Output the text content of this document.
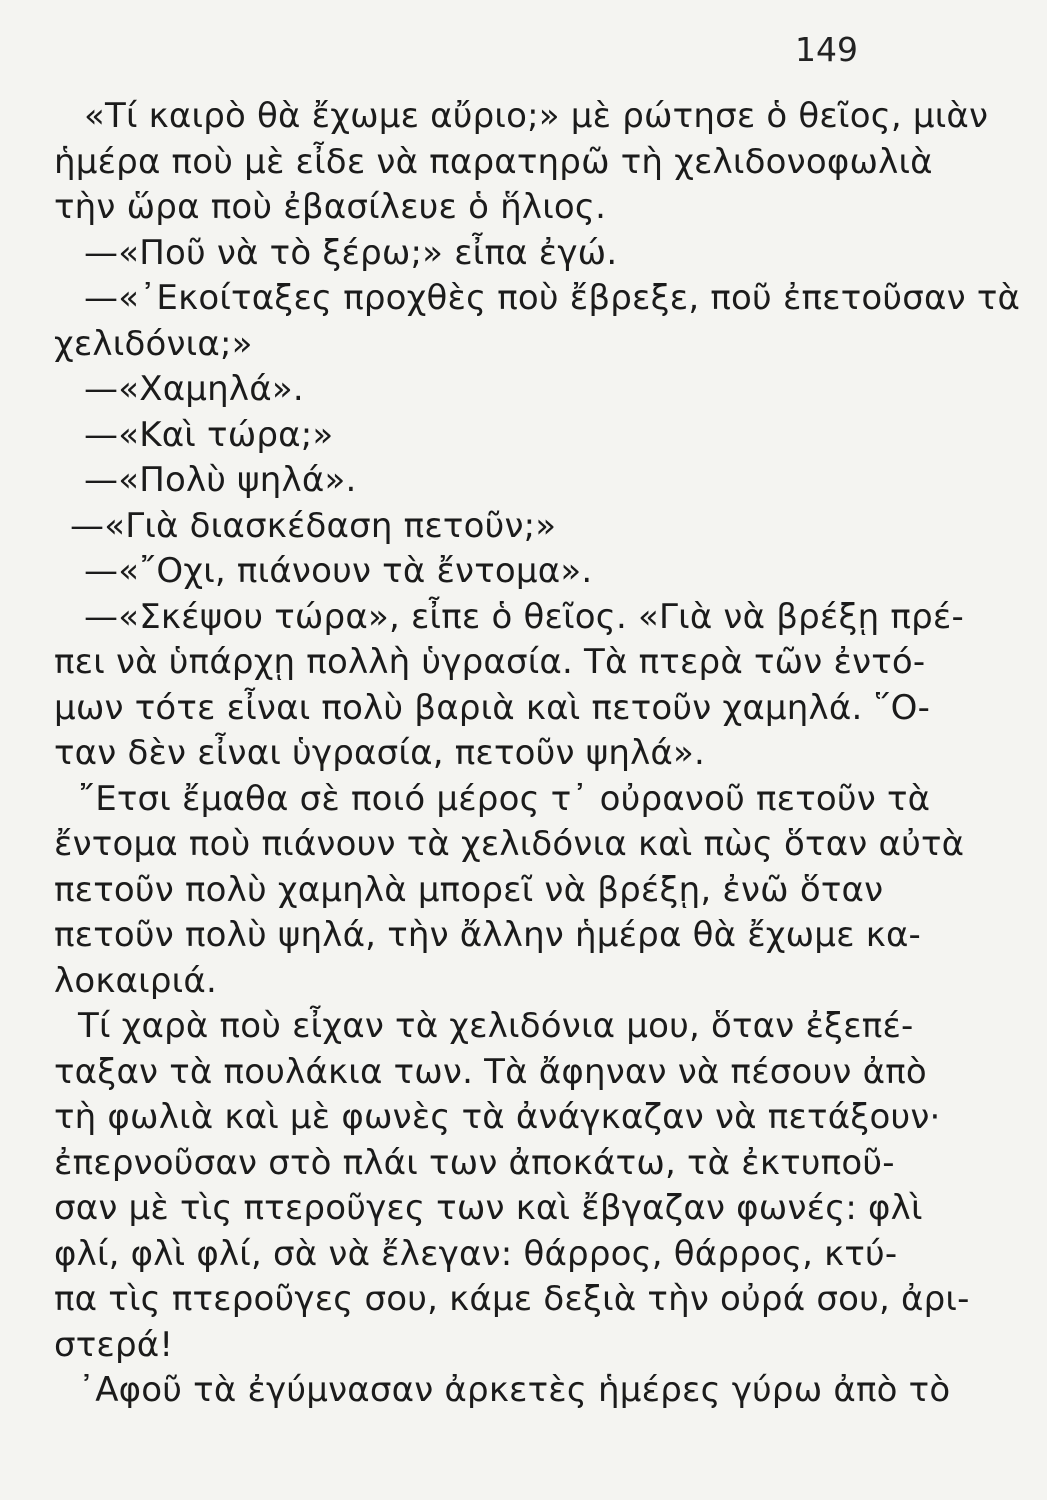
149
«Τί καιρὸ θὰ ἔχωμε αὔριο;» μὲ ρώτησε ὁ θεῖος, μιὰν
ἡμέρα ποὺ μὲ εἶδε νὰ παρατηρῶ τὴ χελιδονοφωλιὰ
τὴν ὥρα ποὺ ἐβασίλευε ὁ ἥλιος.
—«Ποῦ νὰ τὸ ξέρω;» εἶπα ἐγώ.
—«᾿Εκοίταξες προχθὲς ποὺ ἔβρεξε, ποῦ ἐπετοῦσαν τὰ
χελιδόνια;»
—«Χαμηλά».
—«Καὶ τώρα;»
—«Πολὺ ψηλά».
—«Γιὰ διασκέδαση πετοῦν;»
—«῎Οχι, πιάνουν τὰ ἔντομα».
—«Σκέψου τώρα», εἶπε ὁ θεῖος. «Γιὰ νὰ βρέξῃ πρέ-
πει νὰ ὑπάρχῃ πολλὴ ὑγρασία. Τὰ πτερὰ τῶν ἐντό-
μων τότε εἶναι πολὺ βαριὰ καὶ πετοῦν χαμηλά. ῞Ο-
ταν δὲν εἶναι ὑγρασία, πετοῦν ψηλά».
῎Ετσι ἔμαθα σὲ ποιό μέρος τ᾿ οὐρανοῦ πετοῦν τὰ
ἔντομα ποὺ πιάνουν τὰ χελιδόνια καὶ πὼς ὅταν αὐτὰ
πετοῦν πολὺ χαμηλὰ μπορεῖ νὰ βρέξῃ, ἐνῶ ὅταν
πετοῦν πολὺ ψηλά, τὴν ἄλλην ἡμέρα θὰ ἔχωμε κα-
λοκαιριά.
Τί χαρὰ ποὺ εἶχαν τὰ χελιδόνια μου, ὅταν ἐξεπέ-
ταξαν τὰ πουλάκια των. Τὰ ἄφηναν νὰ πέσουν ἀπὸ
τὴ φωλιὰ καὶ μὲ φωνὲς τὰ ἀνάγκαζαν νὰ πετάξουν·
ἐπερνοῦσαν στὸ πλάι των ἀποκάτω, τὰ ἐκτυποῦ-
σαν μὲ τὶς πτεροῦγες των καὶ ἔβγαζαν φωνές: φλὶ
φλί, φλὶ φλί, σὰ νὰ ἔλεγαν: θάρρος, θάρρος, κτύ-
πα τὶς πτεροῦγες σου, κάμε δεξιὰ τὴν οὐρά σου, ἀρι-
στερά!
᾿Αφοῦ τὰ ἐγύμνασαν ἀρκετὲς ἡμέρες γύρω ἀπὸ τὸ
